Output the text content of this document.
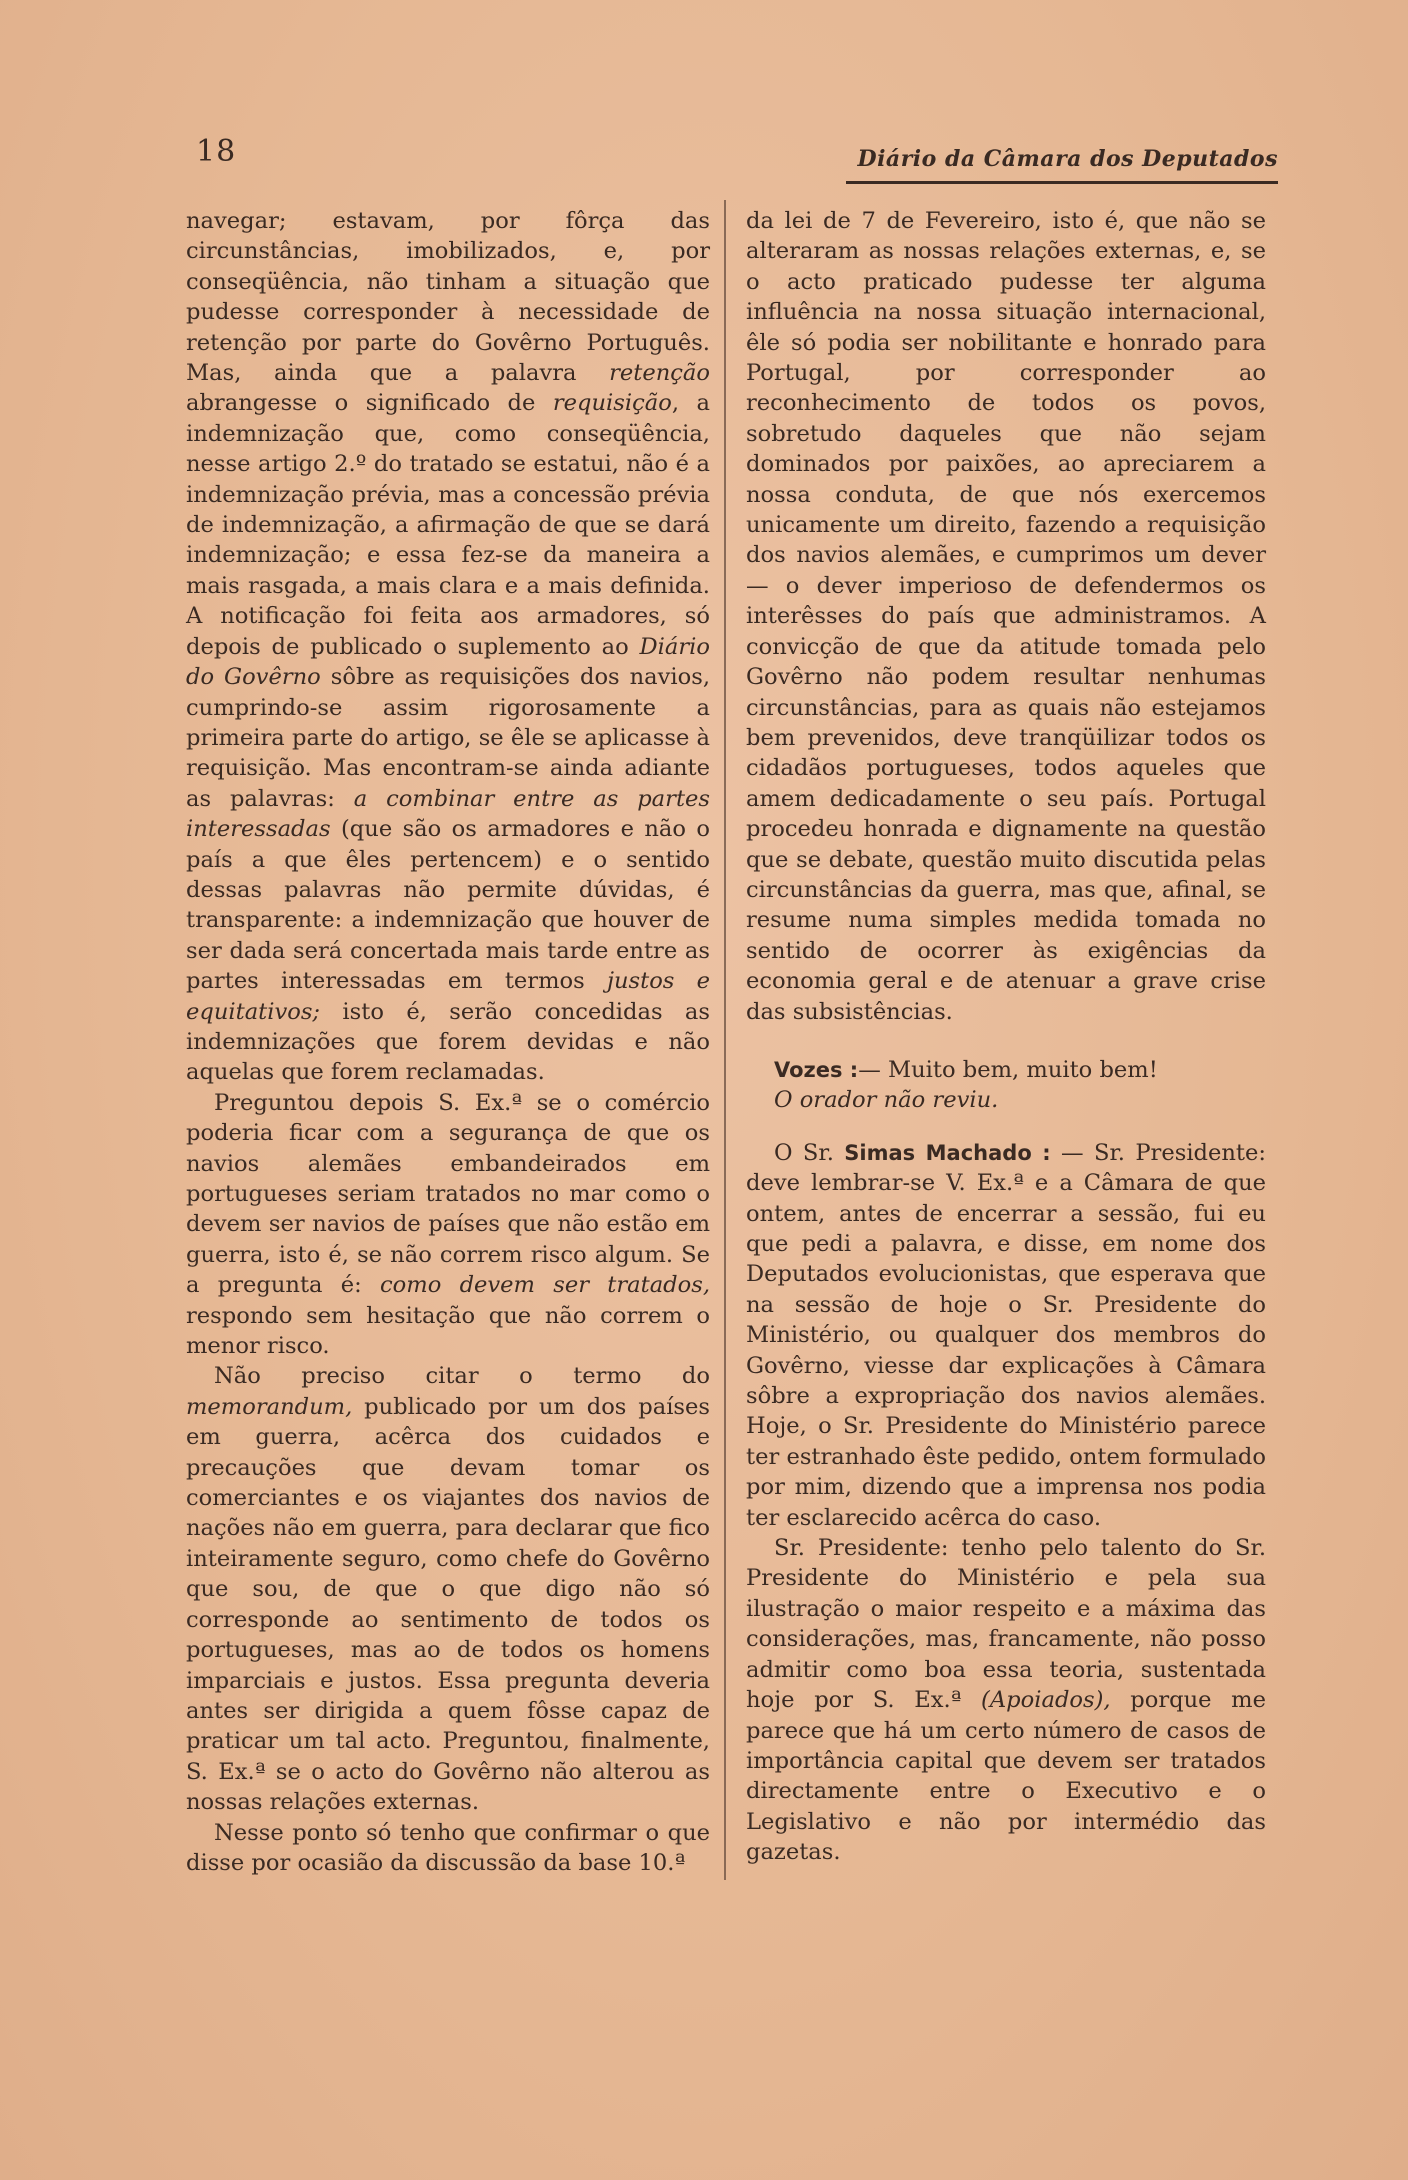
18	Diário da Câmara dos Deputados

navegar; estavam, por fôrça das circunstâncias, imobilizados, e, por conseqüência, não tinham a situação que pudesse corresponder à necessidade de retenção por parte do Govêrno Português. Mas, ainda que a palavra retenção abrangesse o significado de requisição, a indemnização que, como conseqüência, nesse artigo 2.º do tratado se estatui, não é a indemnização prévia, mas a concessão prévia de indemnização, a afirmação de que se dará indemnização; e essa fez-se da maneira a mais rasgada, a mais clara e a mais definida. A notificação foi feita aos armadores, só depois de publicado o suplemento ao Diário do Govêrno sôbre as requisições dos navios, cumprindo-se assim rigorosamente a primeira parte do artigo, se êle se aplicasse à requisição. Mas encontram-se ainda adiante as palavras: a combinar entre as partes interessadas (que são os armadores e não o país a que êles pertencem) e o sentido dessas palavras não permite dúvidas, é transparente: a indemnização que houver de ser dada será concertada mais tarde entre as partes interessadas em termos justos e equitativos; isto é, serão concedidas as indemnizações que forem devidas e não aquelas que forem reclamadas.

Preguntou depois S. Ex.ª se o comércio poderia ficar com a segurança de que os navios alemães embandeirados em portugueses seriam tratados no mar como o devem ser navios de países que não estão em guerra, isto é, se não correm risco algum. Se a pregunta é: como devem ser tratados, respondo sem hesitação que não correm o menor risco.

Não preciso citar o termo do memorandum, publicado por um dos países em guerra, acêrca dos cuidados e precauções que devam tomar os comerciantes e os viajantes dos navios de nações não em guerra, para declarar que fico inteiramente seguro, como chefe do Govêrno que sou, de que o que digo não só corresponde ao sentimento de todos os portugueses, mas ao de todos os homens imparciais e justos. Essa pregunta deveria antes ser dirigida a quem fôsse capaz de praticar um tal acto. Preguntou, finalmente, S. Ex.ª se o acto do Govêrno não alterou as nossas relações externas.

Nesse ponto só tenho que confirmar o que disse por ocasião da discussão da base 10.ª

da lei de 7 de Fevereiro, isto é, que não se alteraram as nossas relações externas, e, se o acto praticado pudesse ter alguma influência na nossa situação internacional, êle só podia ser nobilitante e honrado para Portugal, por corresponder ao reconhecimento de todos os povos, sobretudo daqueles que não sejam dominados por paixões, ao apreciarem a nossa conduta, de que nós exercemos unicamente um direito, fazendo a requisição dos navios alemães, e cumprimos um dever — o dever imperioso de defendermos os interêsses do país que administramos. A convicção de que da atitude tomada pelo Govêrno não podem resultar nenhumas circunstâncias, para as quais não estejamos bem prevenidos, deve tranqüilizar todos os cidadãos portugueses, todos aqueles que amem dedicadamente o seu país. Portugal procedeu honrada e dignamente na questão que se debate, questão muito discutida pelas circunstâncias da guerra, mas que, afinal, se resume numa simples medida tomada no sentido de ocorrer às exigências da economia geral e de atenuar a grave crise das subsistências.

Vozes :— Muito bem, muito bem!

O orador não reviu.

O Sr. Simas Machado : — Sr. Presidente: deve lembrar-se V. Ex.ª e a Câmara de que ontem, antes de encerrar a sessão, fui eu que pedi a palavra, e disse, em nome dos Deputados evolucionistas, que esperava que na sessão de hoje o Sr. Presidente do Ministério, ou qualquer dos membros do Govêrno, viesse dar explicações à Câmara sôbre a expropriação dos navios alemães. Hoje, o Sr. Presidente do Ministério parece ter estranhado êste pedido, ontem formulado por mim, dizendo que a imprensa nos podia ter esclarecido acêrca do caso.

Sr. Presidente: tenho pelo talento do Sr. Presidente do Ministério e pela sua ilustração o maior respeito e a máxima das considerações, mas, francamente, não posso admitir como boa essa teoria, sustentada hoje por S. Ex.ª (Apoiados), porque me parece que há um certo número de casos de importância capital que devem ser tratados directamente entre o Executivo e o Legislativo e não por intermédio das gazetas.
